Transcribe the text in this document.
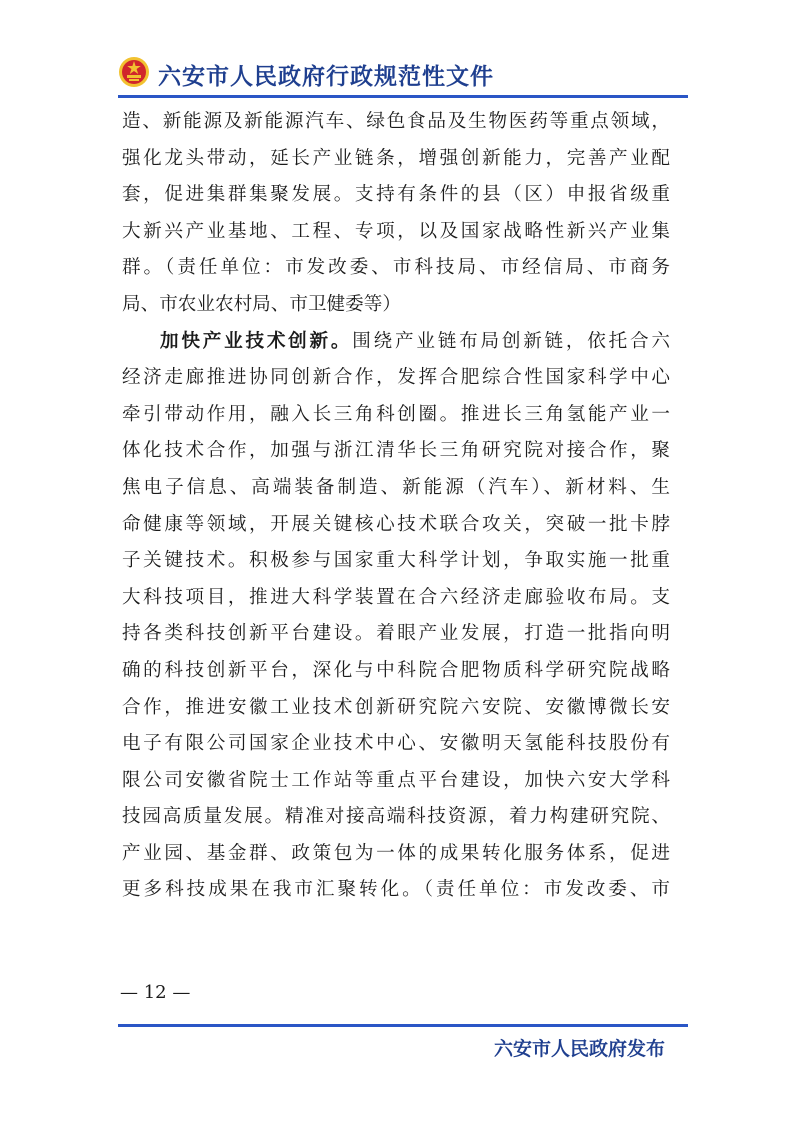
六安市人民政府行政规范性文件

造、新能源及新能源汽车、绿色食品及生物医药等重点领域，
强化龙头带动，延长产业链条，增强创新能力，完善产业配
套，促进集群集聚发展。支持有条件的县（区）申报省级重
大新兴产业基地、工程、专项，以及国家战略性新兴产业集
群。（责任单位：市发改委、市科技局、市经信局、市商务
局、市农业农村局、市卫健委等）

加快产业技术创新。围绕产业链布局创新链，依托合六
经济走廊推进协同创新合作，发挥合肥综合性国家科学中心
牵引带动作用，融入长三角科创圈。推进长三角氢能产业一
体化技术合作，加强与浙江清华长三角研究院对接合作，聚
焦电子信息、高端装备制造、新能源（汽车）、新材料、生
命健康等领域，开展关键核心技术联合攻关，突破一批卡脖
子关键技术。积极参与国家重大科学计划，争取实施一批重
大科技项目，推进大科学装置在合六经济走廊验收布局。支
持各类科技创新平台建设。着眼产业发展，打造一批指向明
确的科技创新平台，深化与中科院合肥物质科学研究院战略
合作，推进安徽工业技术创新研究院六安院、安徽博微长安
电子有限公司国家企业技术中心、安徽明天氢能科技股份有
限公司安徽省院士工作站等重点平台建设，加快六安大学科
技园高质量发展。精准对接高端科技资源，着力构建研究院、
产业园、基金群、政策包为一体的成果转化服务体系，促进
更多科技成果在我市汇聚转化。（责任单位：市发改委、市

— 12 —
六安市人民政府发布
